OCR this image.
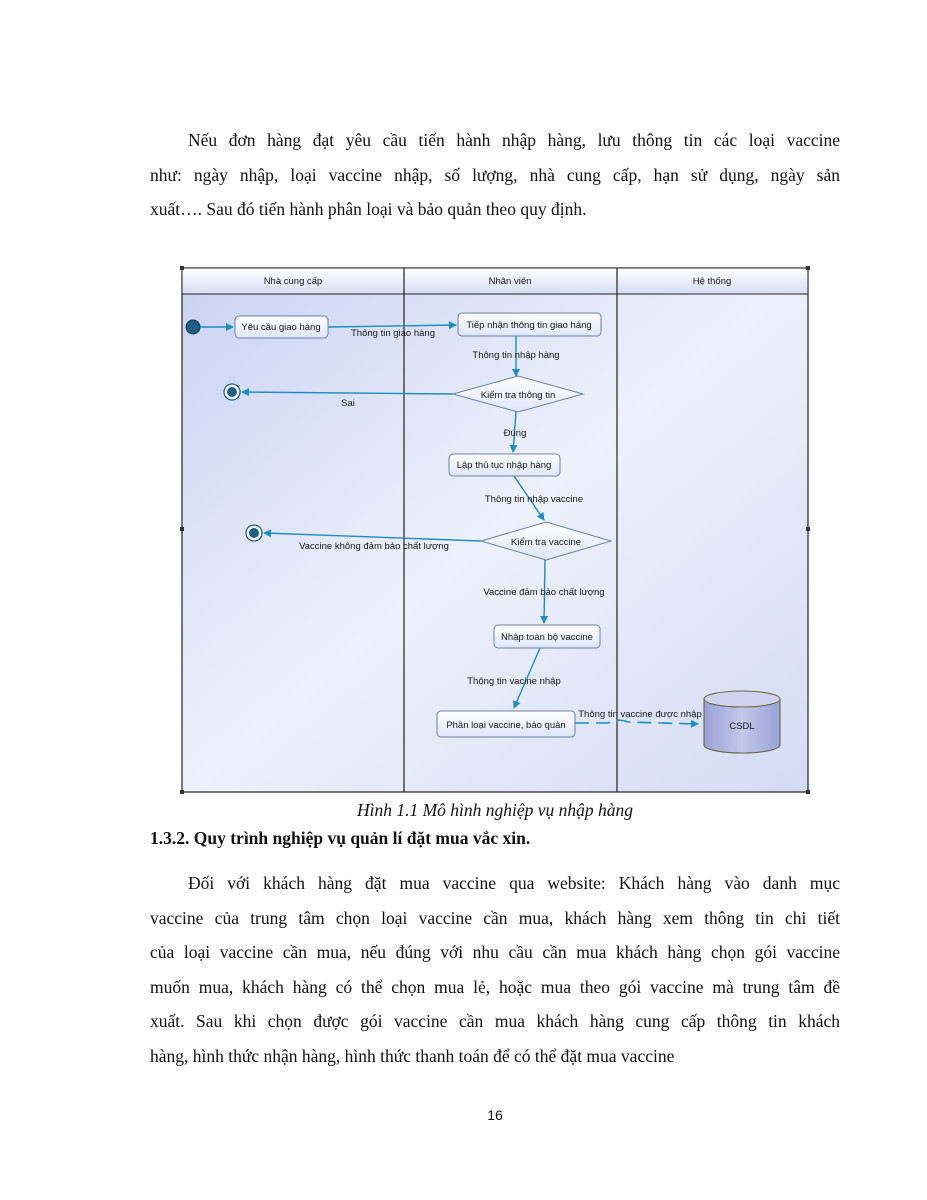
Nếu đơn hàng đạt yêu cầu tiến hành nhập hàng, lưu thông tin các loại vaccine
như: ngày nhập, loại vaccine nhập, số lượng, nhà cung cấp, hạn sử dụng, ngày sản
xuất…. Sau đó tiến hành phân loại và bảo quản theo quy định.

Nhà cung cấp	Nhân viên	Hệ thống
Yêu cầu giao hàng
Thông tin giao hàng
Tiếp nhận thông tin giao hàng
Thông tin nhập hàng
Kiểm tra thông tin
Sai
Đúng
Lập thủ tục nhập hàng
Thông tin nhập vaccine
Kiểm tra vaccine
Vaccine không đảm bảo chất lượng
Vaccine đảm bảo chất lượng
Nhập toàn bộ vaccine
Thông tin vacine nhập
Phân loại vaccine, bảo quản
Thông tin vaccine được nhập
CSDL
Hình 1.1 Mô hình nghiệp vụ nhập hàng
1.3.2. Quy trình nghiệp vụ quản lí đặt mua vắc xin.

Đối với khách hàng đặt mua vaccine qua website: Khách hàng vào danh mục
vaccine của trung tâm chọn loại vaccine cần mua, khách hàng xem thông tin chi tiết
của loại vaccine cần mua, nếu đúng với nhu cầu cần mua khách hàng chọn gói vaccine
muốn mua, khách hàng có thể chọn mua lẻ, hoặc mua theo gói vaccine mà trung tâm đề
xuất. Sau khi chọn được gói vaccine cần mua khách hàng cung cấp thông tin khách
hàng, hình thức nhận hàng, hình thức thanh toán để có thể đặt mua vaccine

16
